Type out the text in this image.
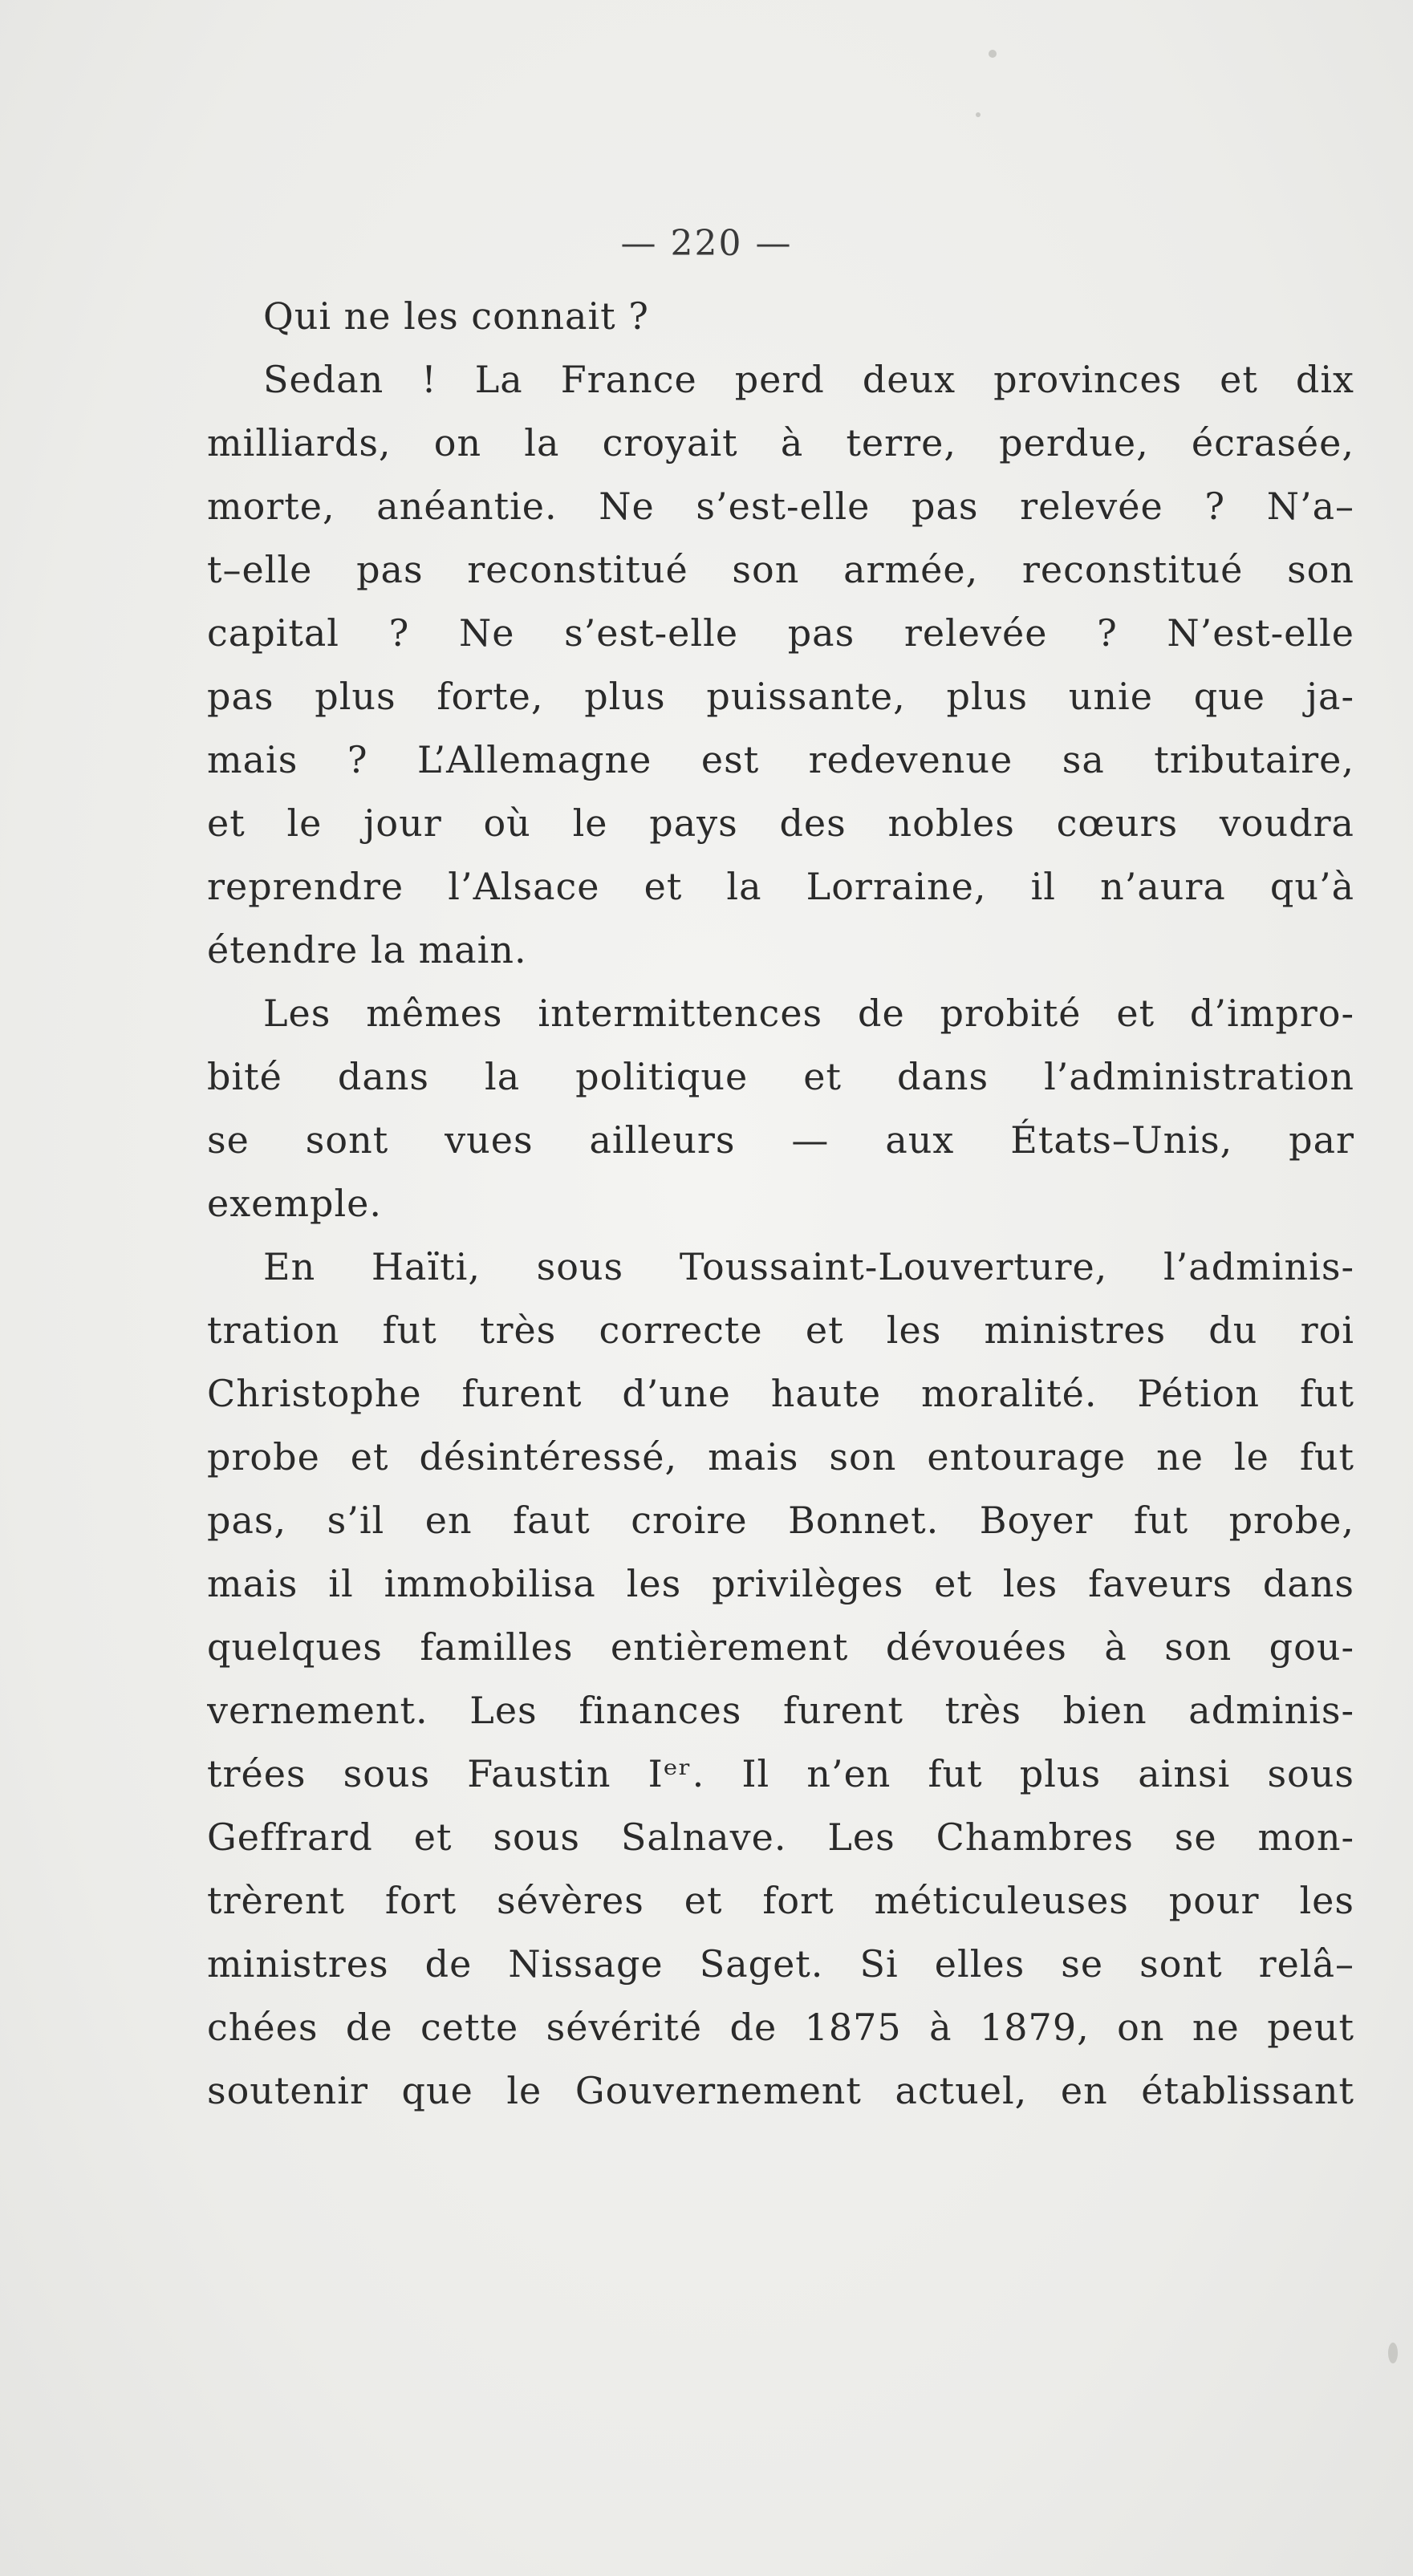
— 220 —
Qui ne les connait ?
Sedan ! La France perd deux provinces et dix
milliards, on la croyait à terre, perdue, écrasée,
morte, anéantie. Ne s’est-elle pas relevée ? N’a–
t–elle pas reconstitué son armée, reconstitué son
capital ? Ne s’est-elle pas relevée ? N’est-elle
pas plus forte, plus puissante, plus unie que ja-
mais ? L’Allemagne est redevenue sa tributaire,
et le jour où le pays des nobles cœurs voudra
reprendre l’Alsace et la Lorraine, il n’aura qu’à
étendre la main.
Les mêmes intermittences de probité et d’impro-
bité dans la politique et dans l’administration
se sont vues ailleurs — aux États–Unis, par
exemple.
En Haïti, sous Toussaint-Louverture, l’adminis-
tration fut très correcte et les ministres du roi
Christophe furent d’une haute moralité. Pétion fut
probe et désintéressé, mais son entourage ne le fut
pas, s’il en faut croire Bonnet. Boyer fut probe,
mais il immobilisa les privilèges et les faveurs dans
quelques familles entièrement dévouées à son gou-
vernement. Les finances furent très bien adminis-
trées sous Faustin Iᵉʳ. Il n’en fut plus ainsi sous
Geffrard et sous Salnave. Les Chambres se mon-
trèrent fort sévères et fort méticuleuses pour les
ministres de Nissage Saget. Si elles se sont relâ–
chées de cette sévérité de 1875 à 1879, on ne peut
soutenir que le Gouvernement actuel, en établissant
